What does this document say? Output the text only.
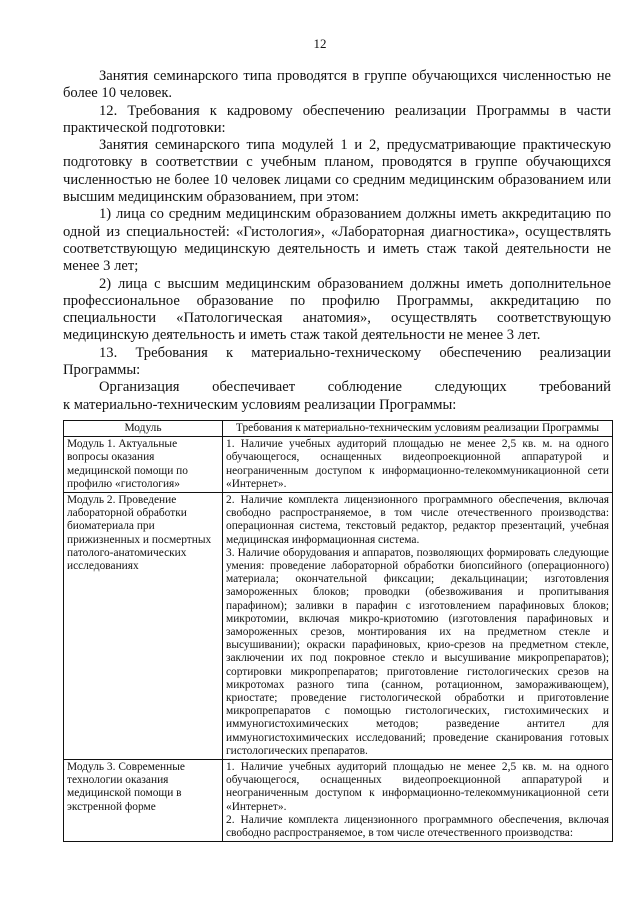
12

Занятия семинарского типа проводятся в группе обучающихся численностью не более 10 человек.

12. Требования к кадровому обеспечению реализации Программы в части практической подготовки:

Занятия семинарского типа модулей 1 и 2, предусматривающие практическую подготовку в соответствии с учебным планом, проводятся в группе обучающихся численностью не более 10 человек лицами со средним медицинским образованием или высшим медицинским образованием, при этом:

1) лица со средним медицинским образованием должны иметь аккредитацию по одной из специальностей: «Гистология», «Лабораторная диагностика», осуществлять соответствующую медицинскую деятельность и иметь стаж такой деятельности не менее 3 лет;

2) лица с высшим медицинским образованием должны иметь дополнительное профессиональное образование по профилю Программы, аккредитацию по специальности «Патологическая анатомия», осуществлять соответствующую медицинскую деятельность и иметь стаж такой деятельности не менее 3 лет.

13. Требования к материально-техническому обеспечению реализации Программы:

Организация обеспечивает соблюдение следующих требований

к материально-техническим условиям реализации Программы:

Модуль	Требования к материально-техническим условиям реализации Программы
Модуль 1. Актуальные вопросы оказания медицинской помощи по профилю «гистология»	1. Наличие учебных аудиторий площадью не менее 2,5 кв. м. на одного обучающегося, оснащенных видеопроекционной аппаратурой и неограниченным доступом к информационно-телекоммуникационной сети «Интернет».

Модуль 2. Проведение лабораторной обработки биоматериала при прижизненных и посмертных патолого-анатомических исследованиях	2. Наличие комплекта лицензионного программного обеспечения, включая свободно распространяемое, в том числе отечественного производства: операционная система, текстовый редактор, редактор презентаций, учебная медицинская информационная система.
3. Наличие оборудования и аппаратов, позволяющих формировать следующие умения: проведение лабораторной обработки биопсийного (операционного) материала; окончательной фиксации; декальцинации; изготовления замороженных блоков; проводки (обезвоживания и пропитывания парафином); заливки в парафин с изготовлением парафиновых блоков; микротомии, включая микро-криотомию (изготовления парафиновых и замороженных срезов, монтирования их на предметном стекле и высушивании); окраски парафиновых, крио-срезов на предметном стекле, заключении их под покровное стекло и высушивание микропрепаратов); сортировки микропрепаратов; приготовление гистологических срезов на микротомах разного типа (санном, ротационном, замораживающем), криостате; проведение гистологической обработки и приготовление микропрепаратов с помощью гистологических, гистохимических и иммуногистохимических методов; разведение антител для иммуногистохимических исследований; проведение сканирования готовых гистологических препаратов.

Модуль 3. Современные технологии оказания медицинской помощи в экстренной форме	1. Наличие учебных аудиторий площадью не менее 2,5 кв. м. на одного обучающегося, оснащенных видеопроекционной аппаратурой и неограниченным доступом к информационно-телекоммуникационной сети «Интернет».
2. Наличие комплекта лицензионного программного обеспечения, включая свободно распространяемое, в том числе отечественного производства:
